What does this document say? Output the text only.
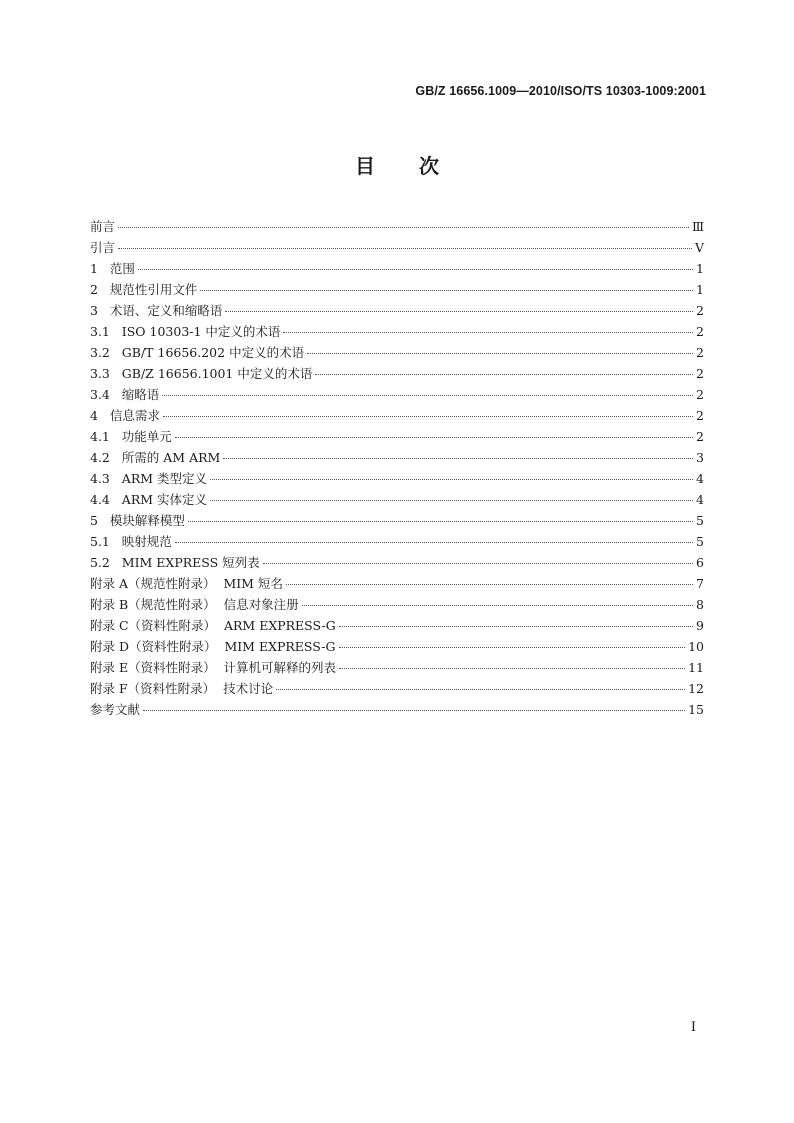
GB/Z 16656.1009—2010/ISO/TS 10303-1009:2001
目 次
前言	Ⅲ
引言	Ⅴ
1   范围	1
2   规范性引用文件	1
3   术语、定义和缩略语	2
3.1   ISO 10303-1 中定义的术语	2
3.2   GB/T 16656.202 中定义的术语	2
3.3   GB/Z 16656.1001 中定义的术语	2
3.4   缩略语	2
4   信息需求	2
4.1   功能单元	2
4.2   所需的 AM ARM	3
4.3   ARM 类型定义	4
4.4   ARM 实体定义	4
5   模块解释模型	5
5.1   映射规范	5
5.2   MIM EXPRESS 短列表	6
附录 A（规范性附录）  MIM 短名	7
附录 B（规范性附录）  信息对象注册	8
附录 C（资料性附录）  ARM EXPRESS-G	9
附录 D（资料性附录）  MIM EXPRESS-G	10
附录 E（资料性附录）  计算机可解释的列表	11
附录 F（资料性附录）  技术讨论	12
参考文献	15
Ⅰ
